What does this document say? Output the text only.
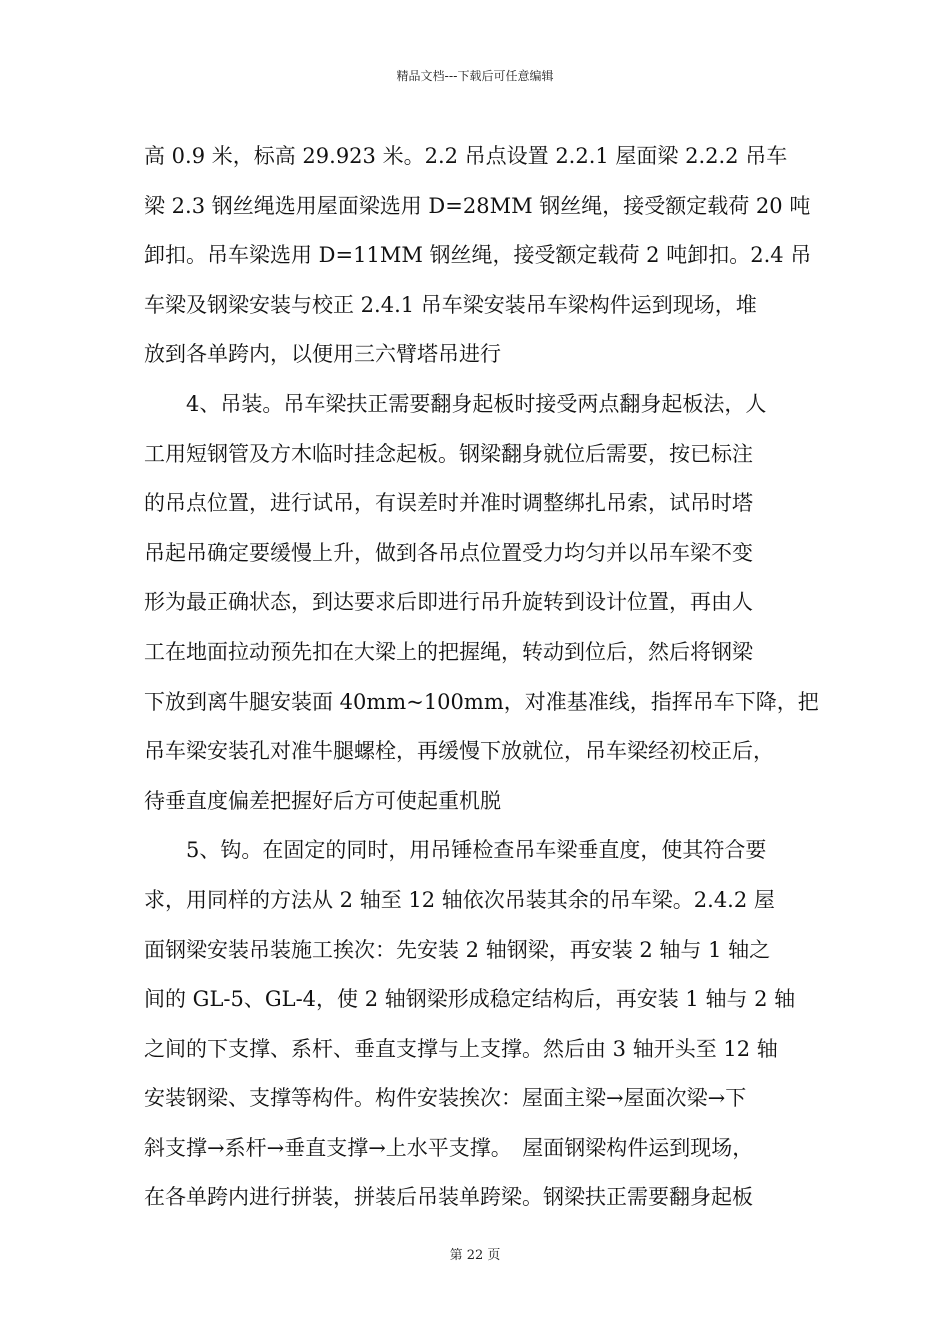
精品文档---下载后可任意编辑
高 0.9 米，标高 29.923 米。2.2 吊点设置 2.2.1 屋面梁 2.2.2 吊车
梁 2.3 钢丝绳选用屋面梁选用 D=28MM 钢丝绳，接受额定载荷 20 吨
卸扣。吊车梁选用 D=11MM 钢丝绳，接受额定载荷 2 吨卸扣。2.4 吊
车梁及钢梁安装与校正 2.4.1 吊车梁安装吊车梁构件运到现场，堆
放到各单跨内，以便用三六臂塔吊进行
　　4、吊装。吊车梁扶正需要翻身起板时接受两点翻身起板法，人
工用短钢管及方木临时挂念起板。钢梁翻身就位后需要，按已标注
的吊点位置，进行试吊，有误差时并准时调整绑扎吊索，试吊时塔
吊起吊确定要缓慢上升，做到各吊点位置受力均匀并以吊车梁不变
形为最正确状态，到达要求后即进行吊升旋转到设计位置，再由人
工在地面拉动预先扣在大梁上的把握绳，转动到位后，然后将钢梁
下放到离牛腿安装面 40mm~100mm，对准基准线，指挥吊车下降，把
吊车梁安装孔对准牛腿螺栓，再缓慢下放就位，吊车梁经初校正后，
待垂直度偏差把握好后方可使起重机脱
　　5、钩。在固定的同时，用吊锤检查吊车梁垂直度，使其符合要
求，用同样的方法从 2 轴至 12 轴依次吊装其余的吊车梁。2.4.2 屋
面钢梁安装吊装施工挨次：先安装 2 轴钢梁，再安装 2 轴与 1 轴之
间的 GL-5、GL-4，使 2 轴钢梁形成稳定结构后，再安装 1 轴与 2 轴
之间的下支撑、系杆、垂直支撑与上支撑。然后由 3 轴开头至 12 轴
安装钢梁、支撑等构件。构件安装挨次：屋面主梁→屋面次梁→下
斜支撑→系杆→垂直支撑→上水平支撑。　屋面钢梁构件运到现场，
在各单跨内进行拼装，拼装后吊装单跨梁。钢梁扶正需要翻身起板
第 22 页
